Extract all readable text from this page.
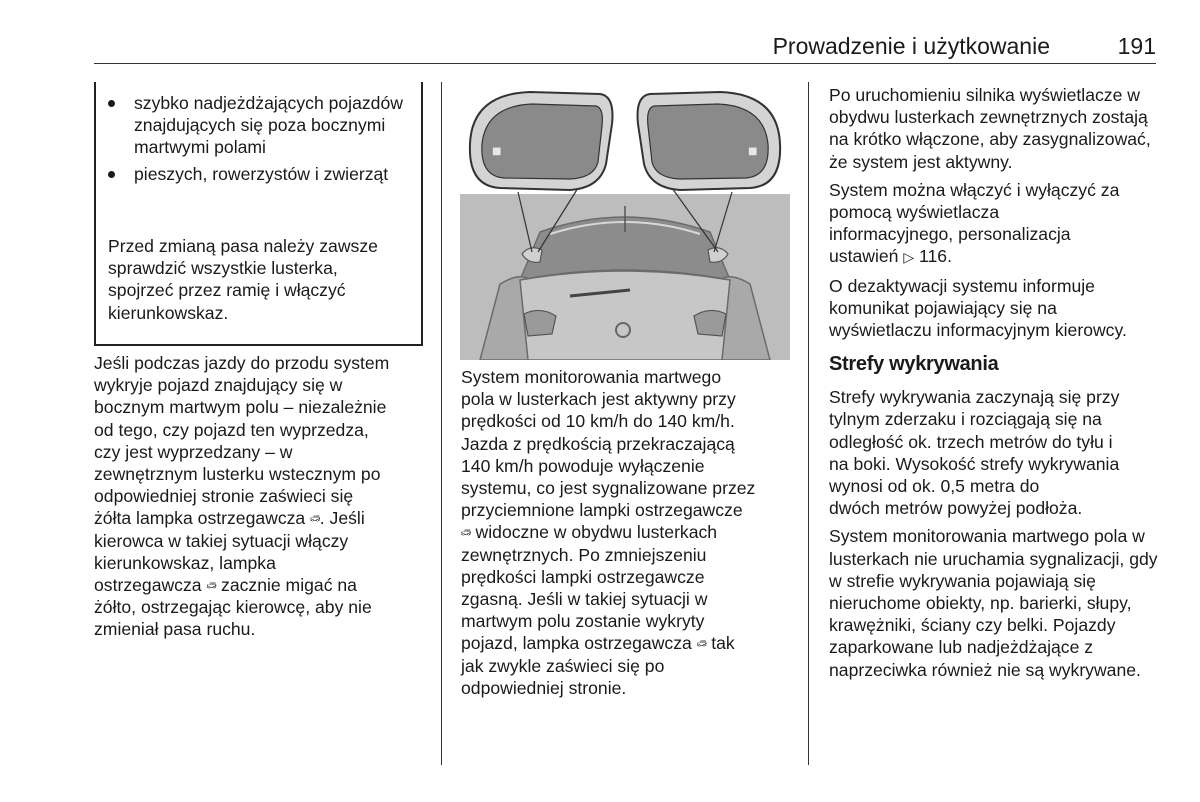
Prowadzenie i użytkowanie	191
szybko nadjeżdżających pojazdów znajdujących się poza bocznymi martwymi polami
pieszych, rowerzystów i zwierząt
Przed zmianą pasa należy zawsze sprawdzić wszystkie lusterka, spojrzeć przez ramię i włączyć kierunkowskaz.
Jeśli podczas jazdy do przodu system
wykryje pojazd znajdujący się w
bocznym martwym polu – niezależnie
od tego, czy pojazd ten wyprzedza,
czy jest wyprzedzany – w
zewnętrznym lusterku wstecznym po
odpowiedniej stronie zaświeci się
żółta lampka ostrzegawcza 🚙︎. Jeśli
kierowca w takiej sytuacji włączy
kierunkowskaz, lampka
ostrzegawcza 🚙︎ zacznie migać na
żółto, ostrzegając kierowcę, aby nie
zmieniał pasa ruchu.
■	■
System monitorowania martwego
pola w lusterkach jest aktywny przy
prędkości od 10 km/h do 140 km/h.
Jazda z prędkością przekraczającą
140 km/h powoduje wyłączenie
systemu, co jest sygnalizowane przez
przyciemnione lampki ostrzegawcze
🚙︎ widoczne w obydwu lusterkach
zewnętrznych. Po zmniejszeniu
prędkości lampki ostrzegawcze
zgasną. Jeśli w takiej sytuacji w
martwym polu zostanie wykryty
pojazd, lampka ostrzegawcza 🚙︎ tak
jak zwykle zaświeci się po
odpowiedniej stronie.

Po uruchomieniu silnika wyświetlacze w obydwu lusterkach zewnętrznych zostają na krótko włączone, aby zasygnalizować, że system jest aktywny.

System można włączyć i wyłączyć za
pomocą wyświetlacza
informacyjnego, personalizacja
ustawień ▷ 116.

O dezaktywacji systemu informuje komunikat pojawiający się na wyświetlaczu informacyjnym kierowcy.

Strefy wykrywania
Strefy wykrywania zaczynają się przy
tylnym zderzaku i rozciągają się na
odległość ok. trzech metrów do tyłu i
na boki. Wysokość strefy wykrywania
wynosi od ok. 0,5 metra do
dwóch metrów powyżej podłoża.

System monitorowania martwego pola w lusterkach nie uruchamia sygnalizacji, gdy w strefie wykrywania pojawiają się nieruchome obiekty, np. barierki, słupy, krawężniki, ściany czy belki. Pojazdy zaparkowane lub nadjeżdżające z naprzeciwka również nie są wykrywane.
